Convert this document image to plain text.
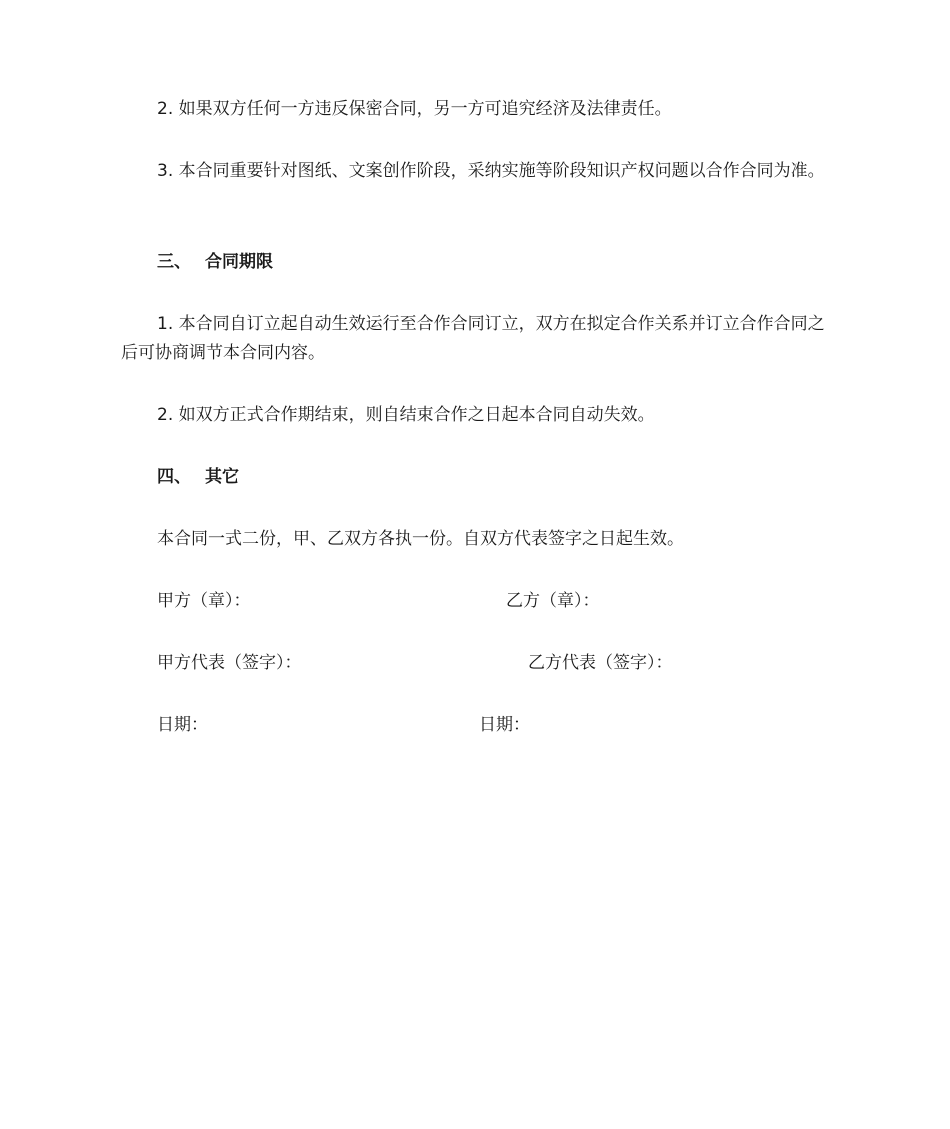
2. 如果双方任何一方违反保密合同，另一方可追究经济及法律责任。
3. 本合同重要针对图纸、文案创作阶段，采纳实施等阶段知识产权问题以合作合同为准。
三、 合同期限
1. 本合同自订立起自动生效运行至合作合同订立，双方在拟定合作关系并订立合作合同之后可协商调节本合同内容。
2. 如双方正式合作期结束，则自结束合作之日起本合同自动失效。
四、 其它
本合同一式二份，甲、乙双方各执一份。自双方代表签字之日起生效。
甲方（章）：	乙方（章）：
甲方代表（签字）：	乙方代表（签字）：
日期：	日期：
